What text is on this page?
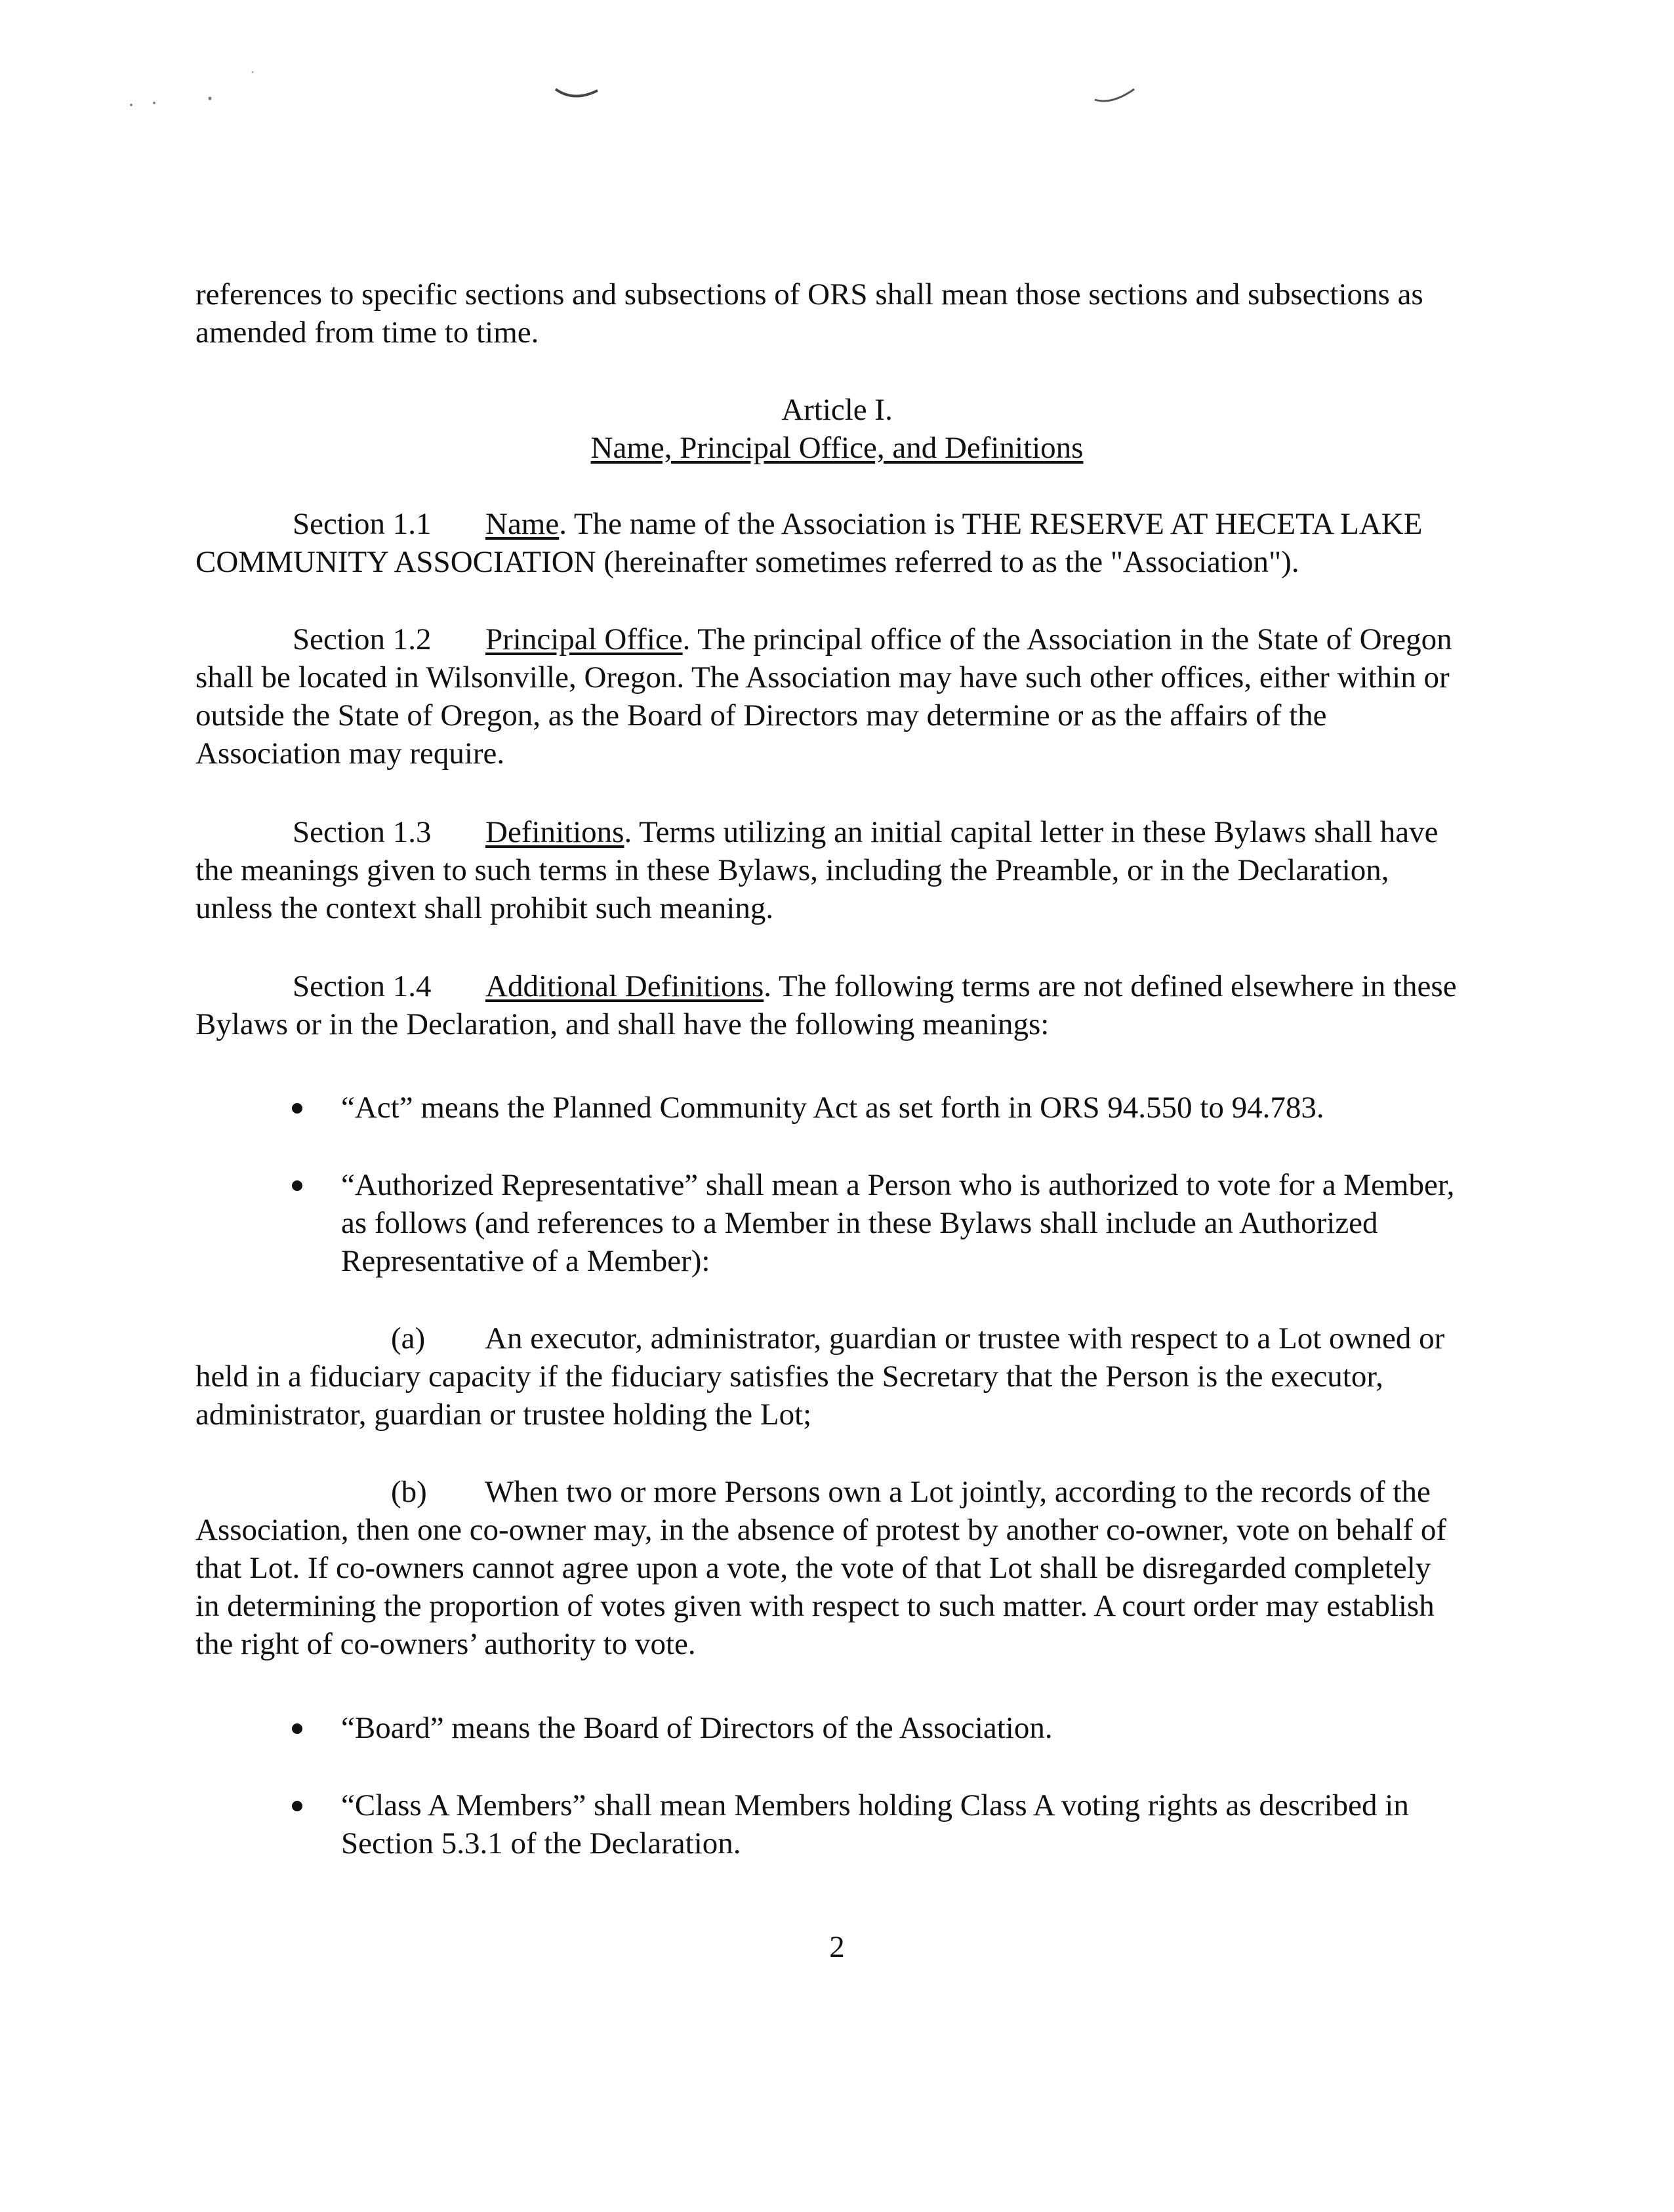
references to specific sections and subsections of ORS shall mean those sections and subsections as amended from time to time.

Article I.

Name, Principal Office, and Definitions

Section 1.1 Name. The name of the Association is THE RESERVE AT HECETA LAKE COMMUNITY ASSOCIATION (hereinafter sometimes referred to as the "Association").

Section 1.2 Principal Office. The principal office of the Association in the State of Oregon shall be located in Wilsonville, Oregon. The Association may have such other offices, either within or outside the State of Oregon, as the Board of Directors may determine or as the affairs of the Association may require.

Section 1.3 Definitions. Terms utilizing an initial capital letter in these Bylaws shall have the meanings given to such terms in these Bylaws, including the Preamble, or in the Declaration, unless the context shall prohibit such meaning.

Section 1.4 Additional Definitions. The following terms are not defined elsewhere in these Bylaws or in the Declaration, and shall have the following meanings:

“Act” means the Planned Community Act as set forth in ORS 94.550 to 94.783.

“Authorized Representative” shall mean a Person who is authorized to vote for a Member, as follows (and references to a Member in these Bylaws shall include an Authorized Representative of a Member):

(a) An executor, administrator, guardian or trustee with respect to a Lot owned or held in a fiduciary capacity if the fiduciary satisfies the Secretary that the Person is the executor, administrator, guardian or trustee holding the Lot;

(b) When two or more Persons own a Lot jointly, according to the records of the Association, then one co-owner may, in the absence of protest by another co-owner, vote on behalf of that Lot. If co-owners cannot agree upon a vote, the vote of that Lot shall be disregarded completely in determining the proportion of votes given with respect to such matter. A court order may establish the right of co-owners’ authority to vote.

“Board” means the Board of Directors of the Association.

“Class A Members” shall mean Members holding Class A voting rights as described in Section 5.3.1 of the Declaration.

2
